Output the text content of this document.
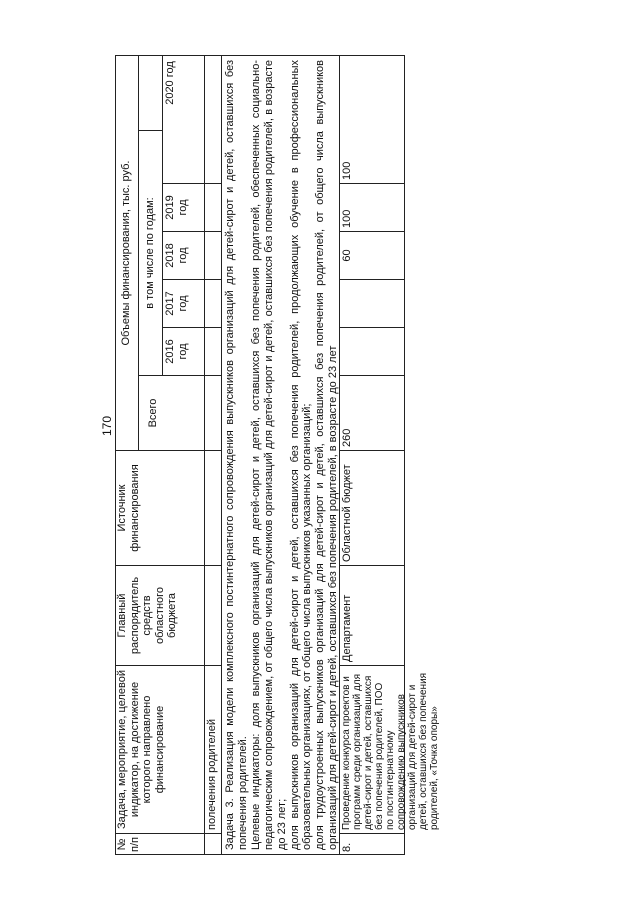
170
№ п/п
Задача, мероприятие, целевой индикатор, на достижение которого направлено финансирование
Главный распорядитель средств областного бюджета
Источник финансирования
Объемы финансирования, тыс. руб.
Всего
в том числе по годам:
2016 год
2017 год
2018 год
2019 год
2020 год
полечения родителей Задача 3. Реализация модели комплексного постинтернатного сопровождения выпускников организаций для детей-сирот и детей, оставшихся без попечения родителей. Целевые индикаторы: доля выпускников организаций для детей-сирот и детей, оставшихся без попечения родителей, обеспеченных социально-педагогическим сопровождением, от общего числа выпускников организаций для детей-сирот и детей, оставшихся без попечения родителей, в возрасте до 23 лет; доля выпускников организаций для детей-сирот и детей, оставшихся без попечения родителей, продолжающих обучение в профессиональных образовательных организациях, от общего числа выпускников указанных организаций; доля трудоустроенных выпускников организаций для детей-сирот и детей, оставшихся без попечения родителей, от общего числа выпускников организаций для детей-сирот и детей, оставшихся без попечения родителей, в возрасте до 23 лет 8.
Проведение конкурса проектов и программ среди организаций для детей-сирот и детей, оставшихся без попечения родителей, ПОО по постинтернатному сопровождению выпускников организаций для детей-сирот и детей, оставшихся без попечения родителей, «Точка опоры»
Департамент
Областной бюджет
260
60
100
100
